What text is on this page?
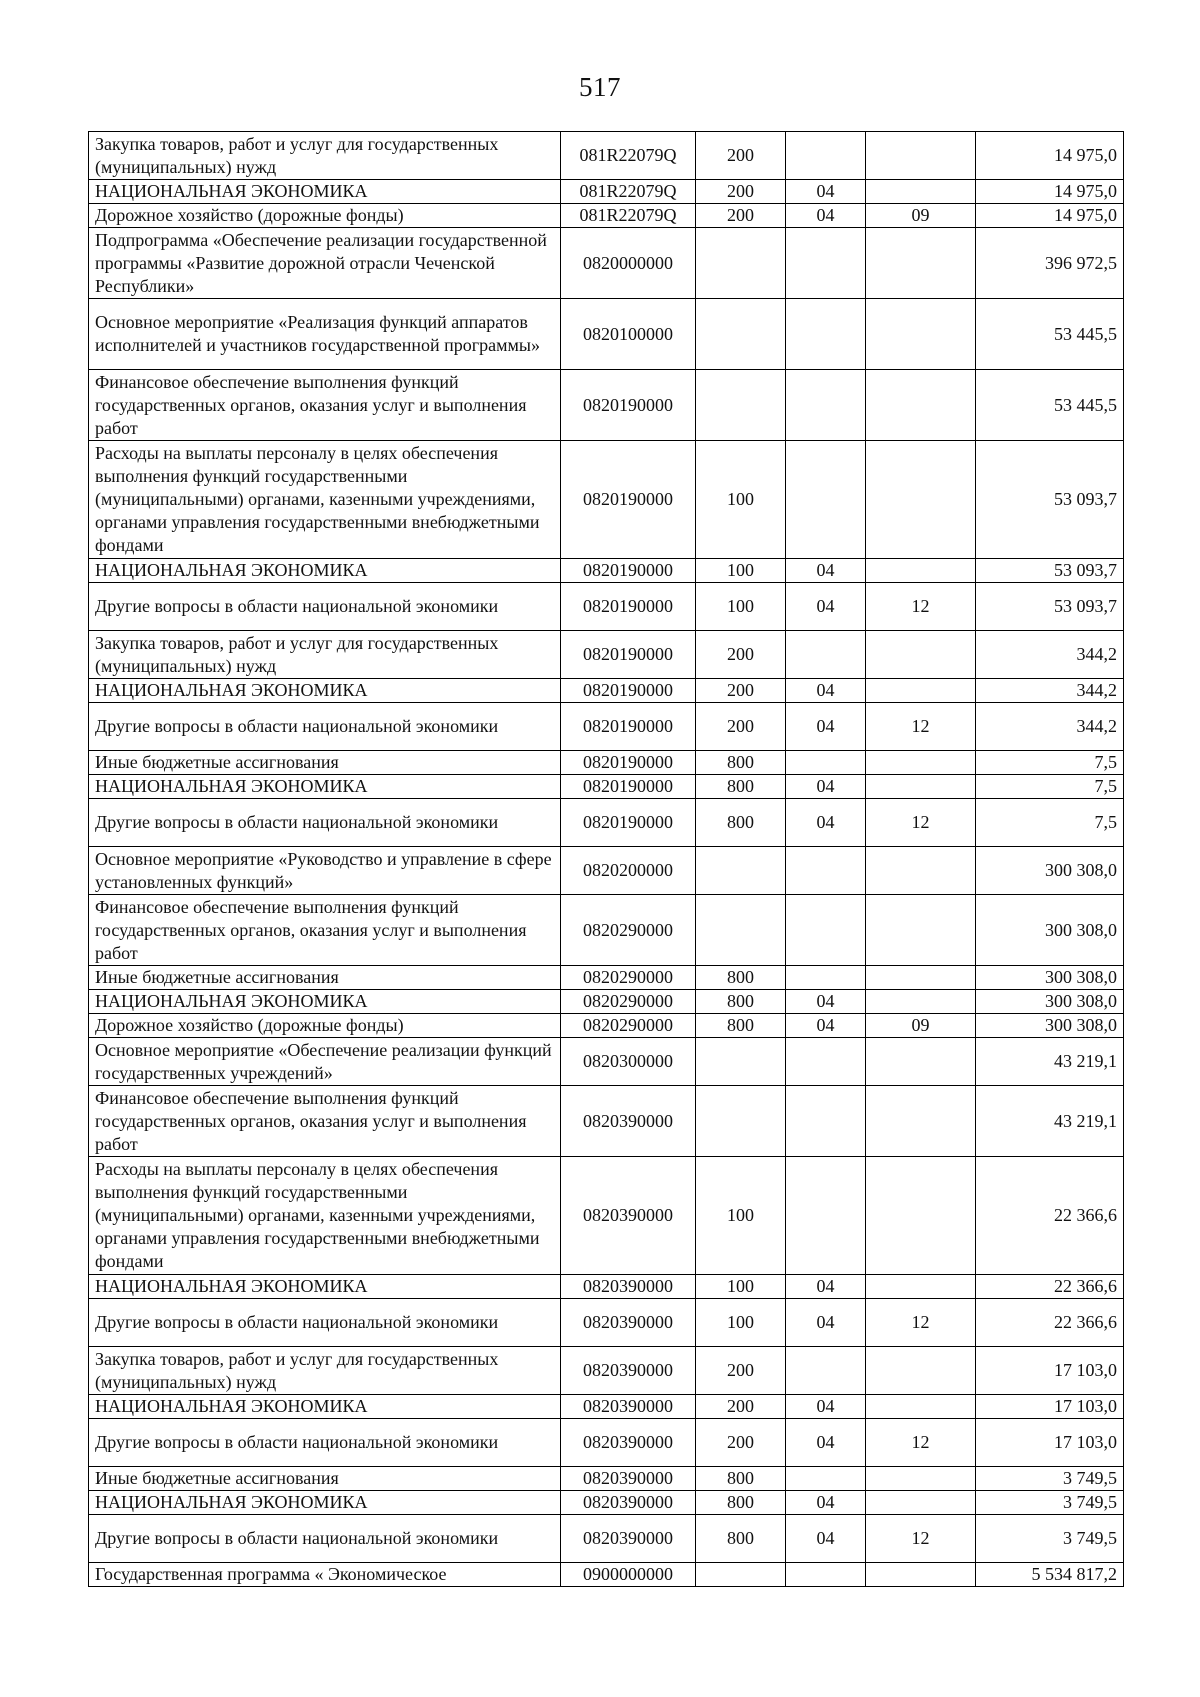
517
Закупка товаров, работ и услуг для государственных (муниципальных) нужд	081R22079Q	200			14 975,0
НАЦИОНАЛЬНАЯ ЭКОНОМИКА	081R22079Q	200	04		14 975,0
Дорожное хозяйство (дорожные фонды)	081R22079Q	200	04	09	14 975,0
Подпрограмма «Обеспечение реализации государственной программы «Развитие дорожной отрасли Чеченской Республики»	0820000000				396 972,5
Основное мероприятие «Реализация функций аппаратов исполнителей и участников государственной программы»	0820100000				53 445,5
Финансовое обеспечение выполнения функций государственных органов, оказания услуг и выполнения работ	0820190000				53 445,5
Расходы на выплаты персоналу в целях обеспечения выполнения функций государственными (муниципальными) органами, казенными учреждениями, органами управления государственными внебюджетными фондами	0820190000	100			53 093,7
НАЦИОНАЛЬНАЯ ЭКОНОМИКА	0820190000	100	04		53 093,7
Другие вопросы в области национальной экономики	0820190000	100	04	12	53 093,7
Закупка товаров, работ и услуг для государственных (муниципальных) нужд	0820190000	200			344,2
НАЦИОНАЛЬНАЯ ЭКОНОМИКА	0820190000	200	04		344,2
Другие вопросы в области национальной экономики	0820190000	200	04	12	344,2
Иные бюджетные ассигнования	0820190000	800			7,5
НАЦИОНАЛЬНАЯ ЭКОНОМИКА	0820190000	800	04		7,5
Другие вопросы в области национальной экономики	0820190000	800	04	12	7,5
Основное мероприятие «Руководство и управление в сфере установленных функций»	0820200000				300 308,0
Финансовое обеспечение выполнения функций государственных органов, оказания услуг и выполнения работ	0820290000				300 308,0
Иные бюджетные ассигнования	0820290000	800			300 308,0
НАЦИОНАЛЬНАЯ ЭКОНОМИКА	0820290000	800	04		300 308,0
Дорожное хозяйство (дорожные фонды)	0820290000	800	04	09	300 308,0
Основное мероприятие «Обеспечение реализации функций государственных учреждений»	0820300000				43 219,1
Финансовое обеспечение выполнения функций государственных органов, оказания услуг и выполнения работ	0820390000				43 219,1
Расходы на выплаты персоналу в целях обеспечения выполнения функций государственными (муниципальными) органами, казенными учреждениями, органами управления государственными внебюджетными фондами	0820390000	100			22 366,6
НАЦИОНАЛЬНАЯ ЭКОНОМИКА	0820390000	100	04		22 366,6
Другие вопросы в области национальной экономики	0820390000	100	04	12	22 366,6
Закупка товаров, работ и услуг для государственных (муниципальных) нужд	0820390000	200			17 103,0
НАЦИОНАЛЬНАЯ ЭКОНОМИКА	0820390000	200	04		17 103,0
Другие вопросы в области национальной экономики	0820390000	200	04	12	17 103,0
Иные бюджетные ассигнования	0820390000	800			3 749,5
НАЦИОНАЛЬНАЯ ЭКОНОМИКА	0820390000	800	04		3 749,5
Другие вопросы в области национальной экономики	0820390000	800	04	12	3 749,5
Государственная программа « Экономическое	0900000000				5 534 817,2
